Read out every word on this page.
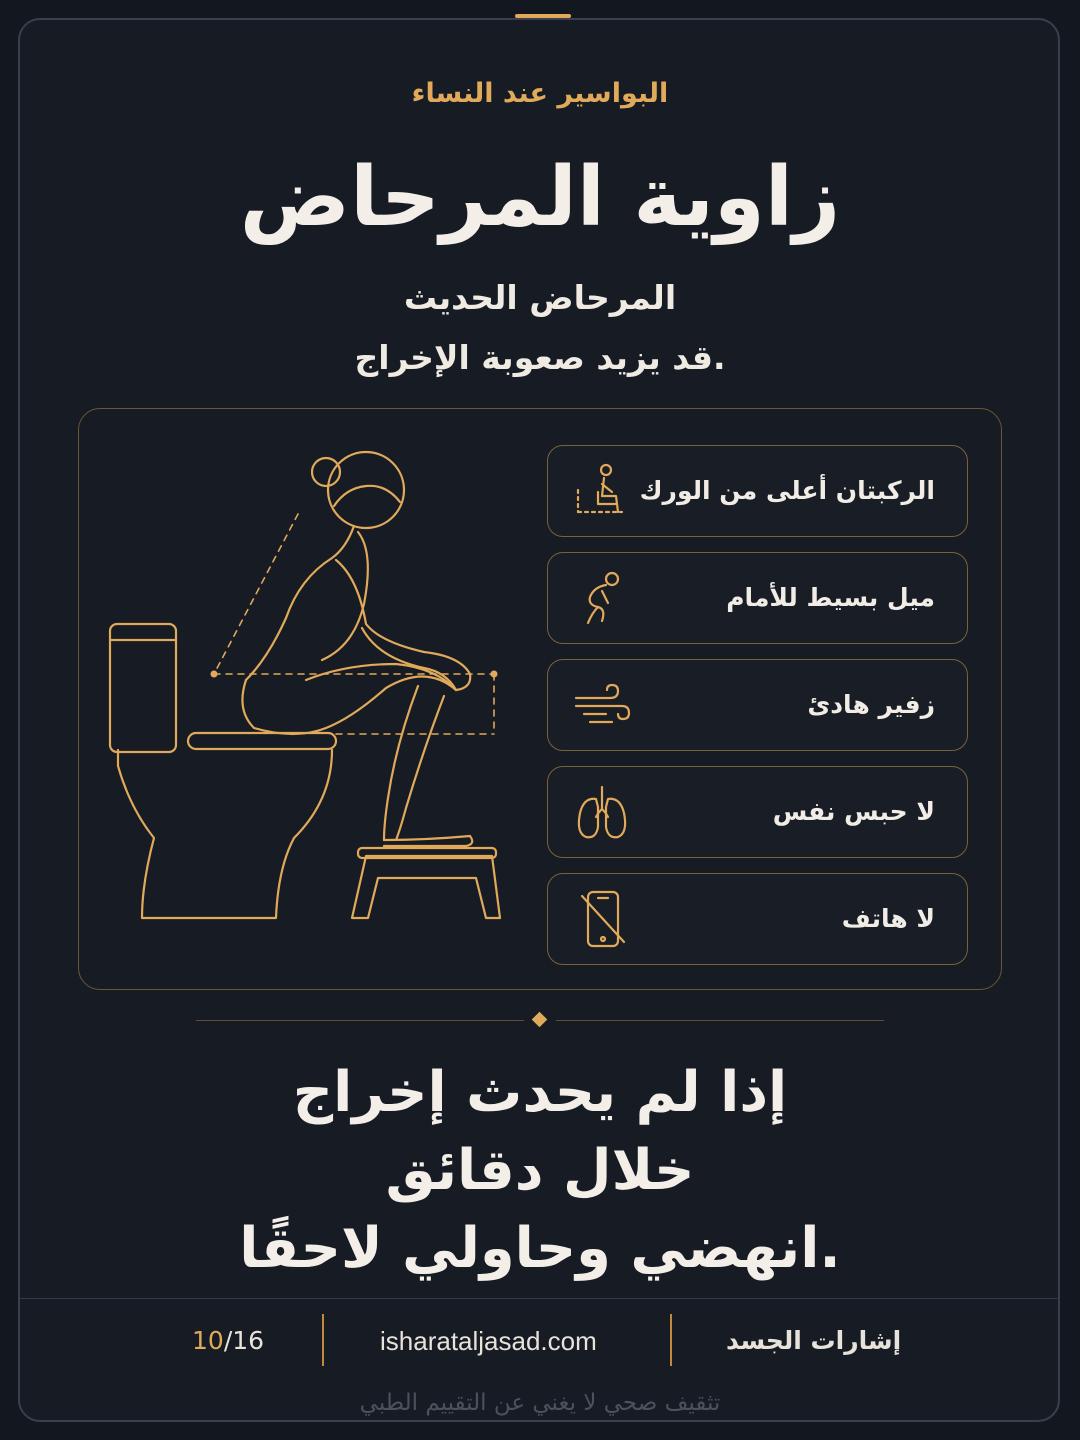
البواسير عند النساء
زاوية المرحاض
المرحاض الحديث
قد يزيد صعوبة الإخراج.
الركبتان أعلى من الورك
ميل بسيط للأمام
زفير هادئ
لا حبس نفس
لا هاتف
إذا لم يحدث إخراج
خلال دقائق
انهضي وحاولي لاحقًا.
10/16	isharataljasad.com	إشارات الجسد
تثقيف صحي لا يغني عن التقييم الطبي
